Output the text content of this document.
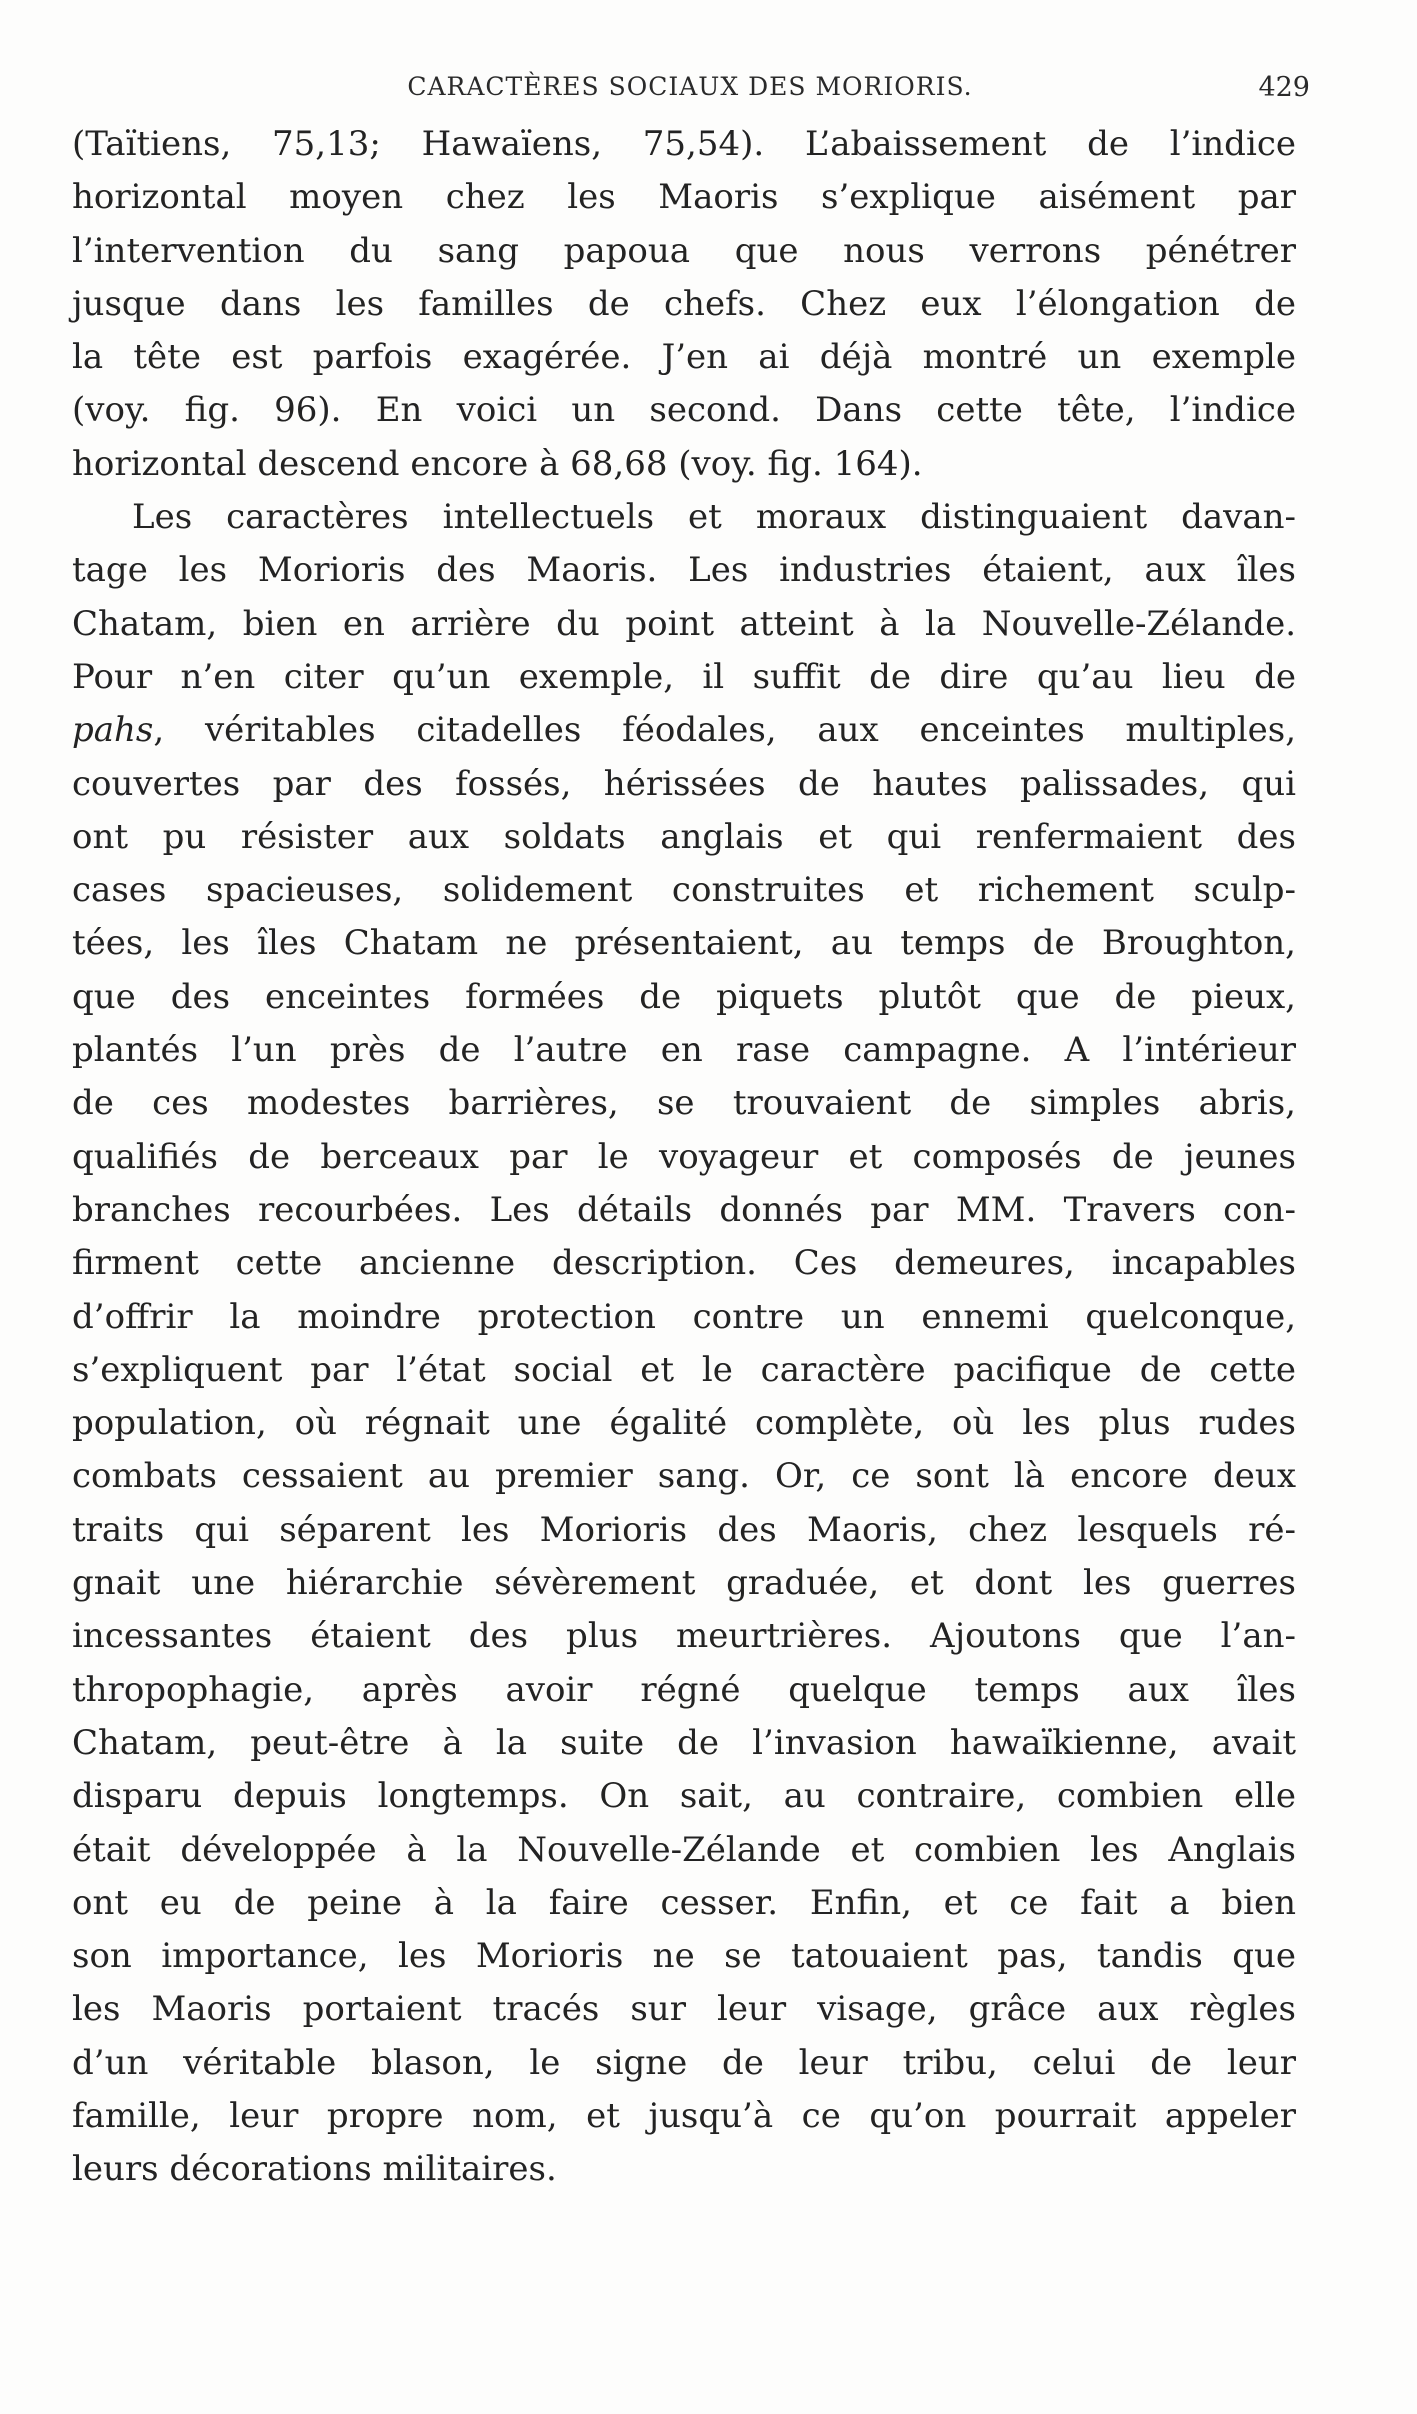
CARACTÈRES SOCIAUX DES MORIORIS.	429
(Taïtiens, 75,13; Hawaïens, 75,54). L’abaissement de l’indice
horizontal moyen chez les Maoris s’explique aisément par
l’intervention du sang papoua que nous verrons pénétrer
jusque dans les familles de chefs. Chez eux l’élongation de
la tête est parfois exagérée. J’en ai déjà montré un exemple
(voy. fig. 96). En voici un second. Dans cette tête, l’indice
horizontal descend encore à 68,68 (voy. fig. 164).
Les caractères intellectuels et moraux distinguaient davan-
tage les Morioris des Maoris. Les industries étaient, aux îles
Chatam, bien en arrière du point atteint à la Nouvelle-Zélande.
Pour n’en citer qu’un exemple, il suffit de dire qu’au lieu de
pahs, véritables citadelles féodales, aux enceintes multiples,
couvertes par des fossés, hérissées de hautes palissades, qui
ont pu résister aux soldats anglais et qui renfermaient des
cases spacieuses, solidement construites et richement sculp-
tées, les îles Chatam ne présentaient, au temps de Broughton,
que des enceintes formées de piquets plutôt que de pieux,
plantés l’un près de l’autre en rase campagne. A l’intérieur
de ces modestes barrières, se trouvaient de simples abris,
qualifiés de berceaux par le voyageur et composés de jeunes
branches recourbées. Les détails donnés par MM. Travers con-
firment cette ancienne description. Ces demeures, incapables
d’offrir la moindre protection contre un ennemi quelconque,
s’expliquent par l’état social et le caractère pacifique de cette
population, où régnait une égalité complète, où les plus rudes
combats cessaient au premier sang. Or, ce sont là encore deux
traits qui séparent les Morioris des Maoris, chez lesquels ré-
gnait une hiérarchie sévèrement graduée, et dont les guerres
incessantes étaient des plus meurtrières. Ajoutons que l’an-
thropophagie, après avoir régné quelque temps aux îles
Chatam, peut-être à la suite de l’invasion hawaïkienne, avait
disparu depuis longtemps. On sait, au contraire, combien elle
était développée à la Nouvelle-Zélande et combien les Anglais
ont eu de peine à la faire cesser. Enfin, et ce fait a bien
son importance, les Morioris ne se tatouaient pas, tandis que
les Maoris portaient tracés sur leur visage, grâce aux règles
d’un véritable blason, le signe de leur tribu, celui de leur
famille, leur propre nom, et jusqu’à ce qu’on pourrait appeler
leurs décorations militaires.
